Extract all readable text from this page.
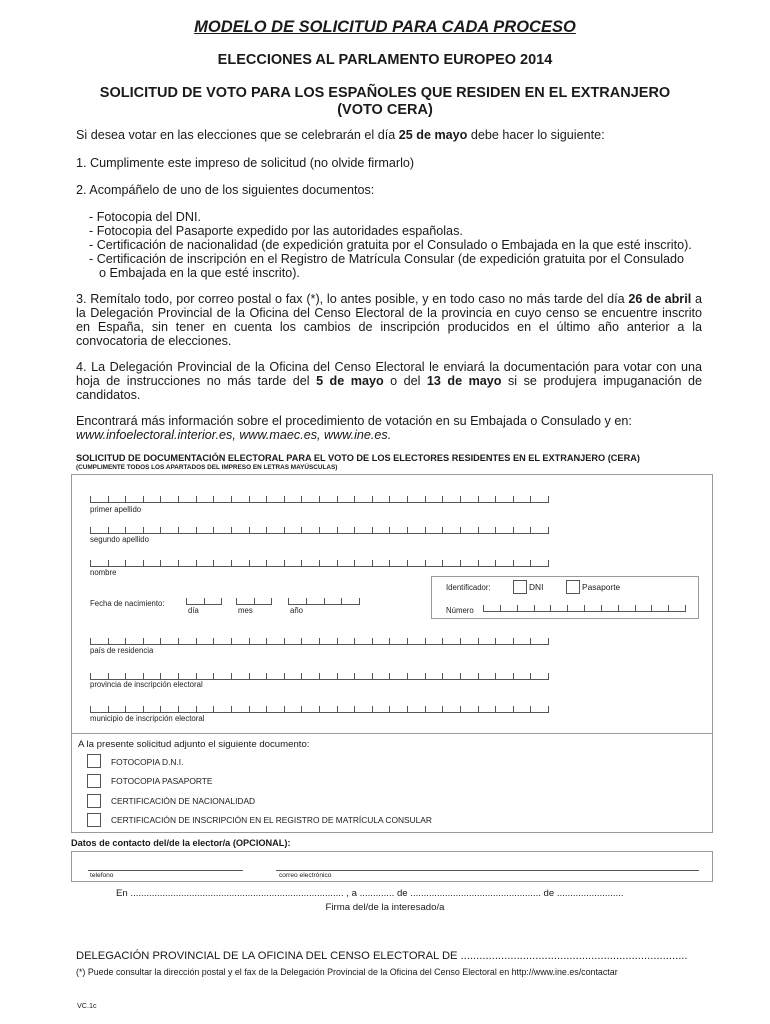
MODELO DE SOLICITUD PARA CADA PROCESO
ELECCIONES AL PARLAMENTO EUROPEO 2014
SOLICITUD DE VOTO PARA LOS ESPAÑOLES QUE RESIDEN EN EL EXTRANJERO
(VOTO CERA)
Si desea votar en las elecciones que se celebrarán el día 25 de mayo debe hacer lo siguiente:
1. Cumplimente este impreso de solicitud (no olvide firmarlo)
2. Acompáñelo de uno de los siguientes documentos:
- Fotocopia del DNI.
- Fotocopia del Pasaporte expedido por las autoridades españolas.
- Certificación de nacionalidad (de expedición gratuita por el Consulado o Embajada en la que esté inscrito).
- Certificación de inscripción en el Registro de Matrícula Consular (de expedición gratuita por el Consulado
o Embajada en la que esté inscrito).
3. Remítalo todo, por correo postal o fax (*), lo antes posible, y en todo caso no más tarde del día 26 de abril a la Delegación Provincial de la Oficina del Censo Electoral de la provincia en cuyo censo se encuentre inscrito en España, sin tener en cuenta los cambios de inscripción producidos en el último año anterior a la convocatoria de elecciones.
4. La Delegación Provincial de la Oficina del Censo Electoral le enviará la documentación para votar con una hoja de instrucciones no más tarde del 5 de mayo o del 13 de mayo si se produjera impuganación de candidatos.
Encontrará más información sobre el procedimiento de votación en su Embajada o Consulado y en:
www.infoelectoral.interior.es, www.maec.es, www.ine.es.
SOLICITUD DE DOCUMENTACIÓN ELECTORAL PARA EL VOTO DE LOS ELECTORES RESIDENTES EN EL EXTRANJERO (CERA)
(CUMPLIMENTE TODOS LOS APARTADOS DEL IMPRESO EN LETRAS MAYÚSCULAS)
primer apellido
segundo apellido
nombre
Fecha de nacimiento:
día	mes	año
Identificador:	DNI	Pasaporte
Número
país de residencia
provincia de inscripción electoral
municipio de inscripción electoral
A la presente solicitud adjunto el siguiente documento:
FOTOCOPIA D.N.I.
FOTOCOPIA PASAPORTE
CERTIFICACIÓN DE NACIONALIDAD
CERTIFICACIÓN DE INSCRIPCIÓN EN EL REGISTRO DE MATRÍCULA CONSULAR
Datos de contacto del/de la elector/a (OPCIONAL):
telefono	correo electrónico
En ................................................................................ , a ............. de ................................................. de .........................
Firma del/de la interesado/a
DELEGACIÓN PROVINCIAL DE LA OFICINA DEL CENSO ELECTORAL DE .........................................................................
(*) Puede consultar la dirección postal y el fax de la Delegación Provincial de la Oficina del Censo Electoral en http://www.ine.es/contactar
VC.1c
